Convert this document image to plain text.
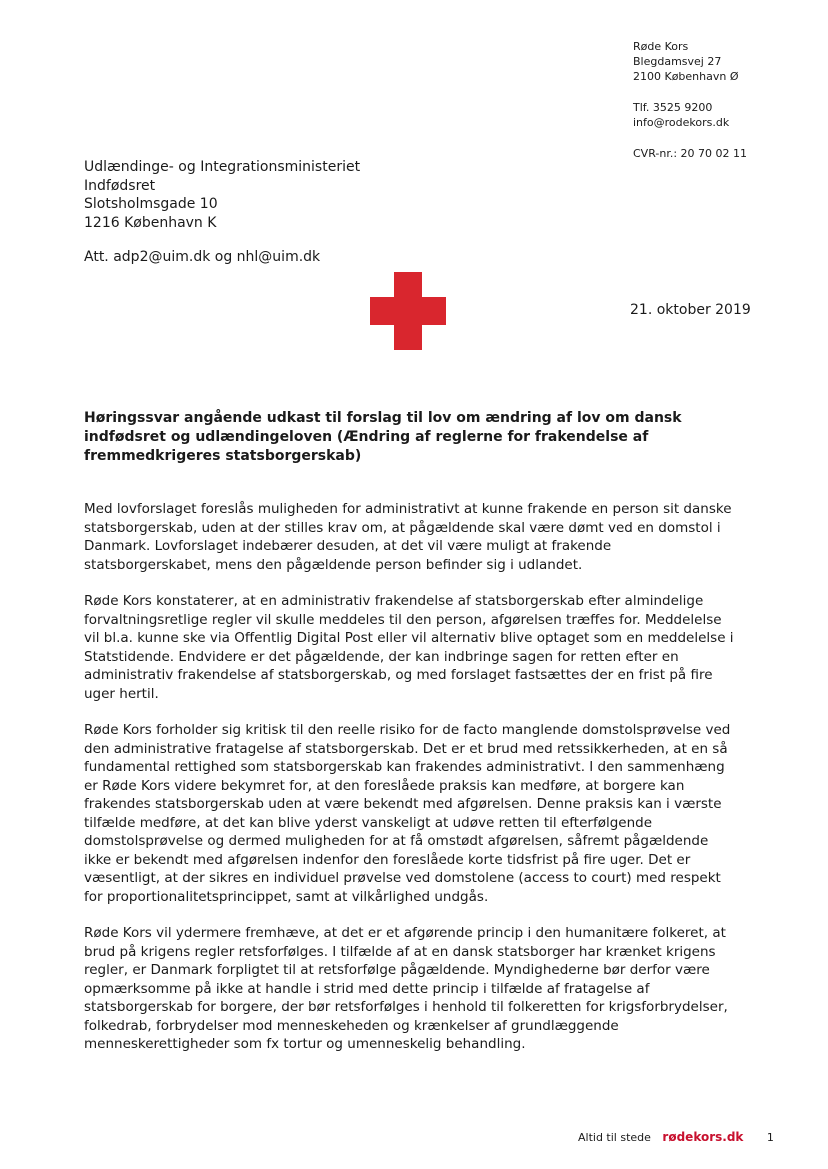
Røde Kors
Blegdamsvej 27
2100 København Ø
Tlf. 3525 9200
info@rodekors.dk
CVR-nr.: 20 70 02 11
Udlændinge- og Integrationsministeriet
Indfødsret
Slotsholmsgade 10
1216 København K
Att. adp2@uim.dk og nhl@uim.dk
21. oktober 2019
Høringssvar angående udkast til forslag til lov om ændring af lov om dansk indfødsret og udlændingeloven (Ændring af reglerne for frakendelse af fremmedkrigeres statsborgerskab)

Med lovforslaget foreslås muligheden for administrativt at kunne frakende en person sit danske statsborgerskab, uden at der stilles krav om, at pågældende skal være dømt ved en domstol i Danmark. Lovforslaget indebærer desuden, at det vil være muligt at frakende statsborgerskabet, mens den pågældende person befinder sig i udlandet.

Røde Kors konstaterer, at en administrativ frakendelse af statsborgerskab efter almindelige forvaltningsretlige regler vil skulle meddeles til den person, afgørelsen træffes for. Meddelelse vil bl.a. kunne ske via Offentlig Digital Post eller vil alternativ blive optaget som en meddelelse i Statstidende. Endvidere er det pågældende, der kan indbringe sagen for retten efter en administrativ frakendelse af statsborgerskab, og med forslaget fastsættes der en frist på fire uger hertil.

Røde Kors forholder sig kritisk til den reelle risiko for de facto manglende domstolsprøvelse ved den administrative fratagelse af statsborgerskab. Det er et brud med retssikkerheden, at en så fundamental rettighed som statsborgerskab kan frakendes administrativt. I den sammenhæng er Røde Kors videre bekymret for, at den foreslåede praksis kan medføre, at borgere kan frakendes statsborgerskab uden at være bekendt med afgørelsen. Denne praksis kan i værste tilfælde medføre, at det kan blive yderst vanskeligt at udøve retten til efterfølgende domstolsprøvelse og dermed muligheden for at få omstødt afgørelsen, såfremt pågældende ikke er bekendt med afgørelsen indenfor den foreslåede korte tidsfrist på fire uger. Det er væsentligt, at der sikres en individuel prøvelse ved domstolene (access to court) med respekt for proportionalitetsprincippet, samt at vilkårlighed undgås.

Røde Kors vil ydermere fremhæve, at det er et afgørende princip i den humanitære folkeret, at brud på krigens regler retsforfølges. I tilfælde af at en dansk statsborger har krænket krigens regler, er Danmark forpligtet til at retsforfølge pågældende. Myndighederne bør derfor være opmærksomme på ikke at handle i strid med dette princip i tilfælde af fratagelse af statsborgerskab for borgere, der bør retsforfølges i henhold til folkeretten for krigsforbrydelser, folkedrab, forbrydelser mod menneskeheden og krænkelser af grundlæggende menneskerettigheder som fx tortur og umenneskelig behandling.

Altid til stede rødekors.dk 1
